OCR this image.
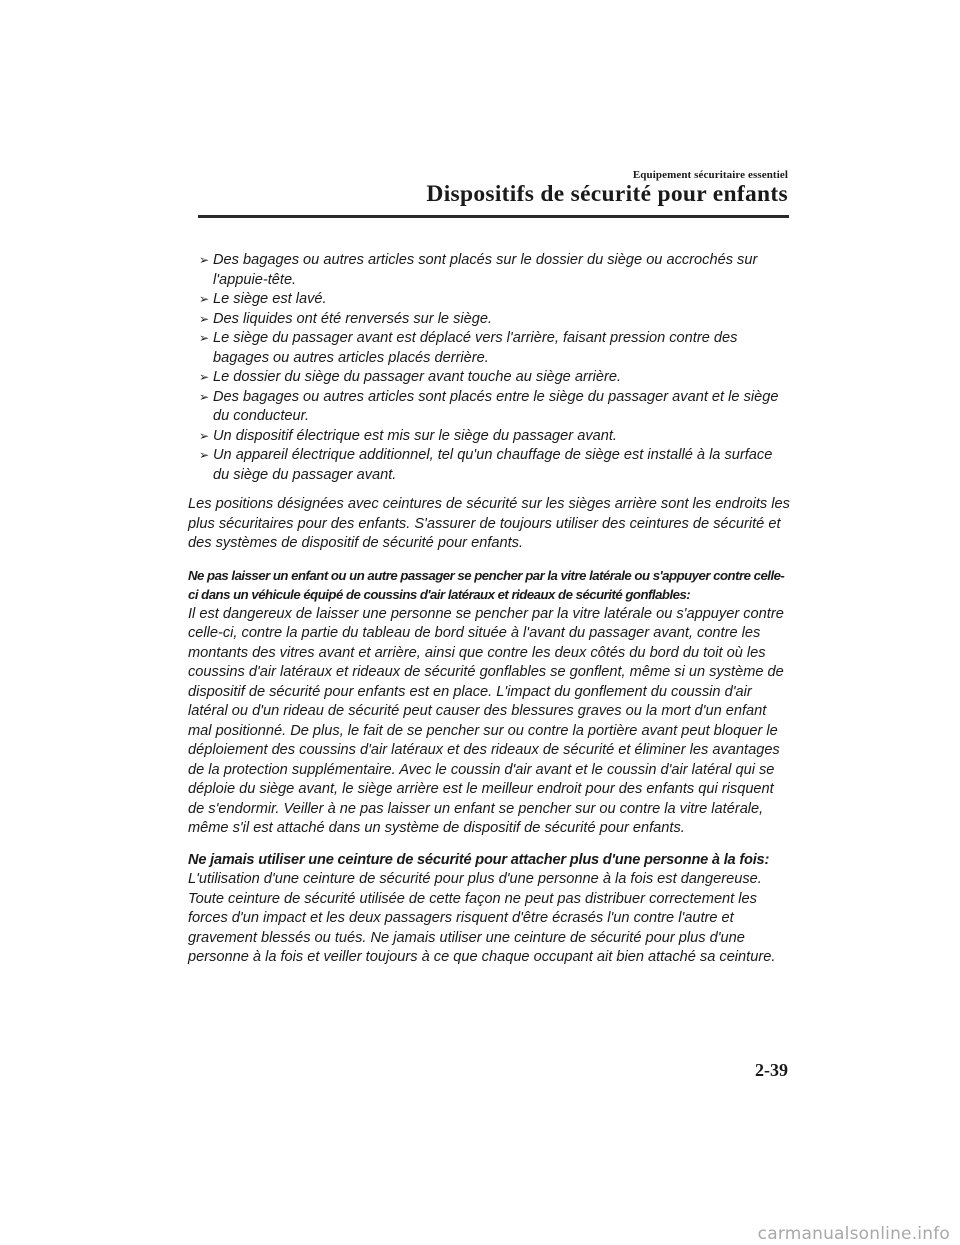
Equipement sécuritaire essentiel
Dispositifs de sécurité pour enfants
➢ Des bagages ou autres articles sont placés sur le dossier du siège ou accrochés sur l'appuie-tête.
➢ Le siège est lavé.
➢ Des liquides ont été renversés sur le siège.
➢ Le siège du passager avant est déplacé vers l'arrière, faisant pression contre des bagages ou autres articles placés derrière.
➢ Le dossier du siège du passager avant touche au siège arrière.
➢ Des bagages ou autres articles sont placés entre le siège du passager avant et le siège du conducteur.
➢ Un dispositif électrique est mis sur le siège du passager avant.
➢ Un appareil électrique additionnel, tel qu'un chauffage de siège est installé à la surface du siège du passager avant.

Les positions désignées avec ceintures de sécurité sur les sièges arrière sont les endroits les plus sécuritaires pour des enfants. S'assurer de toujours utiliser des ceintures de sécurité et des systèmes de dispositif de sécurité pour enfants.

Ne pas laisser un enfant ou un autre passager se pencher par la vitre latérale ou s'appuyer contre celle-ci dans un véhicule équipé de coussins d'air latéraux et rideaux de sécurité gonflables:

Il est dangereux de laisser une personne se pencher par la vitre latérale ou s'appuyer contre celle-ci, contre la partie du tableau de bord située à l'avant du passager avant, contre les montants des vitres avant et arrière, ainsi que contre les deux côtés du bord du toit où les coussins d'air latéraux et rideaux de sécurité gonflables se gonflent, même si un système de dispositif de sécurité pour enfants est en place. L'impact du gonflement du coussin d'air latéral ou d'un rideau de sécurité peut causer des blessures graves ou la mort d'un enfant mal positionné. De plus, le fait de se pencher sur ou contre la portière avant peut bloquer le déploiement des coussins d'air latéraux et des rideaux de sécurité et éliminer les avantages de la protection supplémentaire. Avec le coussin d'air avant et le coussin d'air latéral qui se déploie du siège avant, le siège arrière est le meilleur endroit pour des enfants qui risquent de s'endormir. Veiller à ne pas laisser un enfant se pencher sur ou contre la vitre latérale, même s'il est attaché dans un système de dispositif de sécurité pour enfants.

Ne jamais utiliser une ceinture de sécurité pour attacher plus d'une personne à la fois:

L'utilisation d'une ceinture de sécurité pour plus d'une personne à la fois est dangereuse. Toute ceinture de sécurité utilisée de cette façon ne peut pas distribuer correctement les forces d'un impact et les deux passagers risquent d'être écrasés l'un contre l'autre et gravement blessés ou tués. Ne jamais utiliser une ceinture de sécurité pour plus d'une personne à la fois et veiller toujours à ce que chaque occupant ait bien attaché sa ceinture.

2-39
carmanualsonline.info
